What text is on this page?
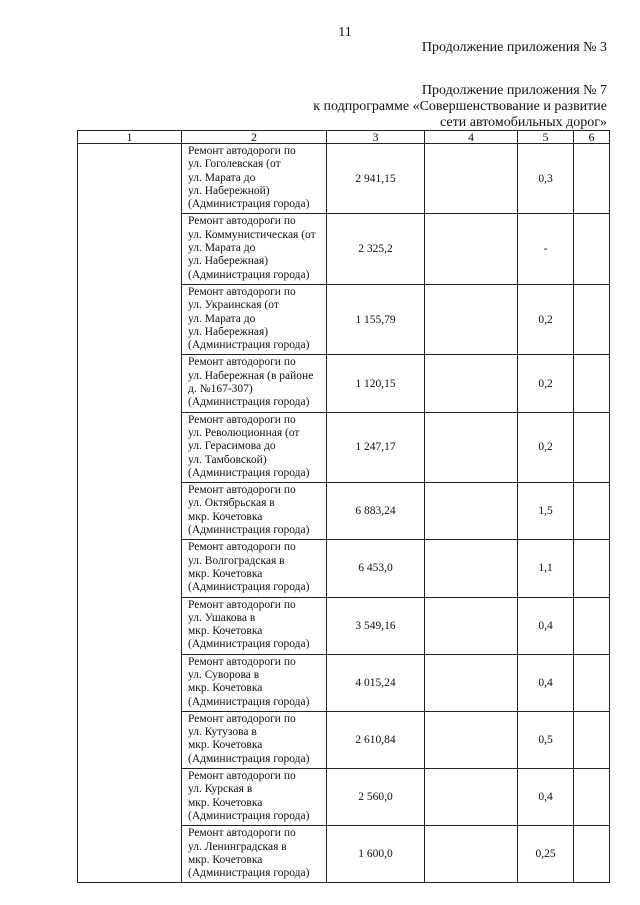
11
Продолжение приложения № 3
Продолжение приложения № 7
к подпрограмме «Совершенствование и развитие
сети автомобильных дорог»
1	2	3	4	5	6

	Ремонт автодороги по
ул. Гоголевская (от
ул. Марата до
ул. Набережной)
(Администрация города)	2 941,15		0,3	

	Ремонт автодороги по
ул. Коммунистическая (от
ул. Марата до
ул. Набережная)
(Администрация города)	2 325,2		-	

	Ремонт автодороги по
ул. Украинская (от
ул. Марата до
ул. Набережная)
(Администрация города)	1 155,79		0,2	

	Ремонт автодороги по
ул. Набережная (в районе
д. №167-307)
(Администрация города)	1 120,15		0,2	

	Ремонт автодороги по
ул. Революционная (от
ул. Герасимова до
ул. Тамбовской)
(Администрация города)	1 247,17		0,2	

	Ремонт автодороги по
ул. Октябрьская в
мкр. Кочетовка
(Администрация города)	6 883,24		1,5	

	Ремонт автодороги по
ул. Волгоградская в
мкр. Кочетовка
(Администрация города)	6 453,0		1,1	

	Ремонт автодороги по
ул. Ушакова в
мкр. Кочетовка
(Администрация города)	3 549,16		0,4	

	Ремонт автодороги по
ул. Суворова в
мкр. Кочетовка
(Администрация города)	4 015,24		0,4	

	Ремонт автодороги по
ул. Кутузова в
мкр. Кочетовка
(Администрация города)	2 610,84		0,5	

	Ремонт автодороги по
ул. Курская в
мкр. Кочетовка
(Администрация города)	2 560,0		0,4	

	Ремонт автодороги по
ул. Ленинградская в
мкр. Кочетовка
(Администрация города)	1 600,0		0,25	
